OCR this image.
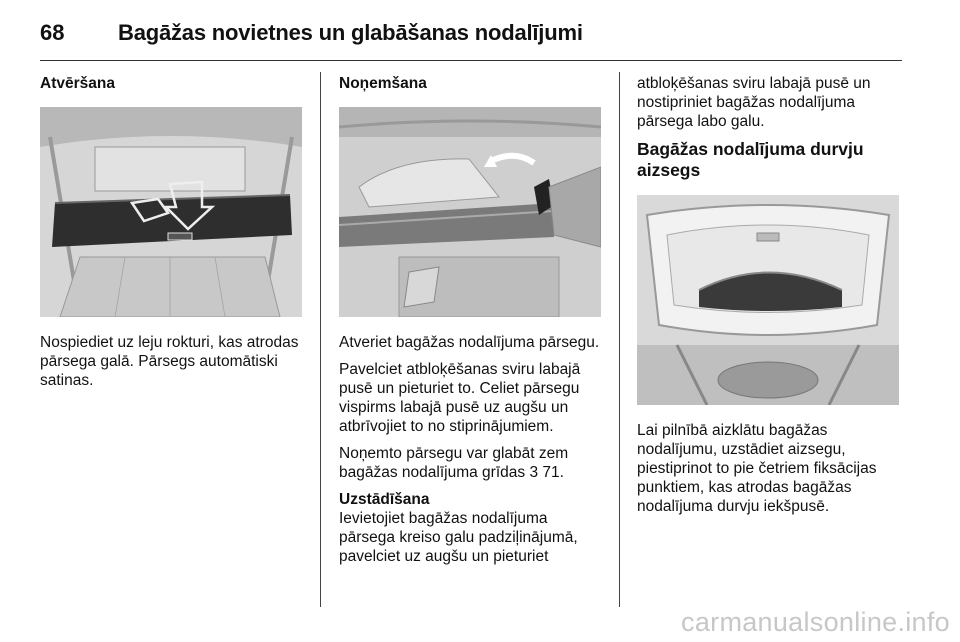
68 Bagāžas novietnes un glabāšanas nodalījumi
Atvēršana

Nospiediet uz leju rokturi, kas atrodas pārsega galā. Pārsegs automātiski satinas.

Noņemšana

Atveriet bagāžas nodalījuma pārsegu.

Pavelciet atbloķēšanas sviru labajā pusē un pieturiet to. Celiet pārsegu vispirms labajā pusē uz augšu un atbrīvojiet to no stiprinājumiem.

Noņemto pārsegu var glabāt zem bagāžas nodalījuma grīdas 3 71.

Uzstādīšana

Ievietojiet bagāžas nodalījuma pārsega kreiso galu padziļinājumā, pavelciet uz augšu un pieturiet

atbloķēšanas sviru labajā pusē un nostipriniet bagāžas nodalījuma pārsega labo galu.

Bagāžas nodalījuma durvju aizsegs

Lai pilnībā aizklātu bagāžas nodalījumu, uzstādiet aizsegu, piestiprinot to pie četriem fiksācijas punktiem, kas atrodas bagāžas nodalījuma durvju iekšpusē.

carmanualsonline.info
